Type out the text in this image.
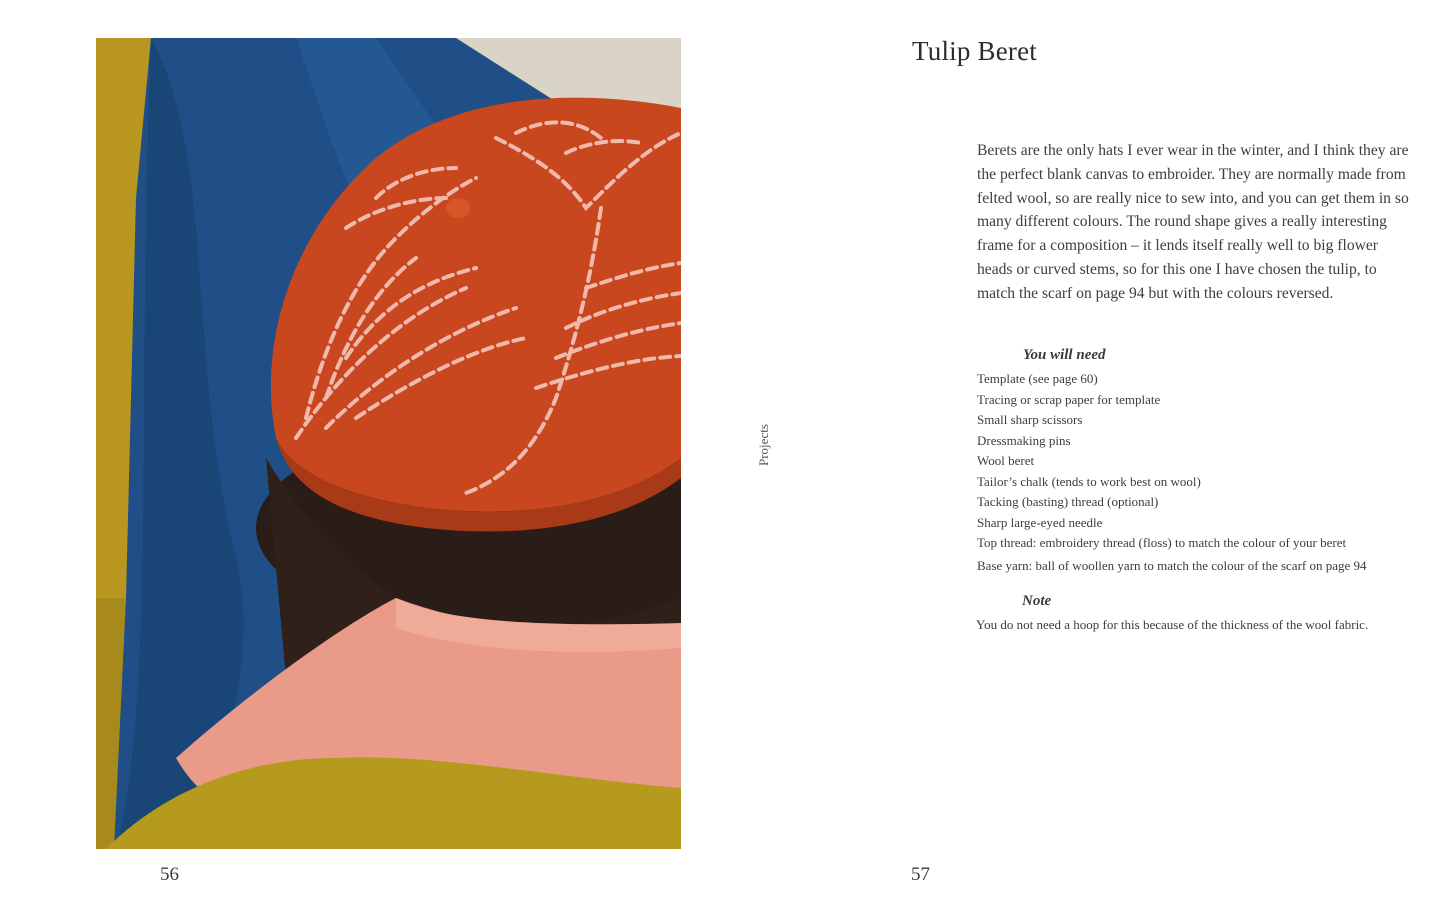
56
Projects
Tulip Beret

Berets are the only hats I ever wear in the winter, and I think they are the perfect blank canvas to embroider. They are normally made from felted wool, so are really nice to sew into, and you can get them in so many different colours. The round shape gives a really interesting frame for a composition – it lends itself really well to big flower heads or curved stems, so for this one I have chosen the tulip, to match the scarf on page 94 but with the colours reversed.

You will need
Template (see page 60)
Tracing or scrap paper for template
Small sharp scissors
Dressmaking pins
Wool beret
Tailor’s chalk (tends to work best on wool)
Tacking (basting) thread (optional)
Sharp large-eyed needle
Top thread: embroidery thread (floss) to match the colour of your beret
Base yarn: ball of woollen yarn to match the colour of the scarf on page 94
Note

You do not need a hoop for this because of the thickness of the wool fabric.

57
